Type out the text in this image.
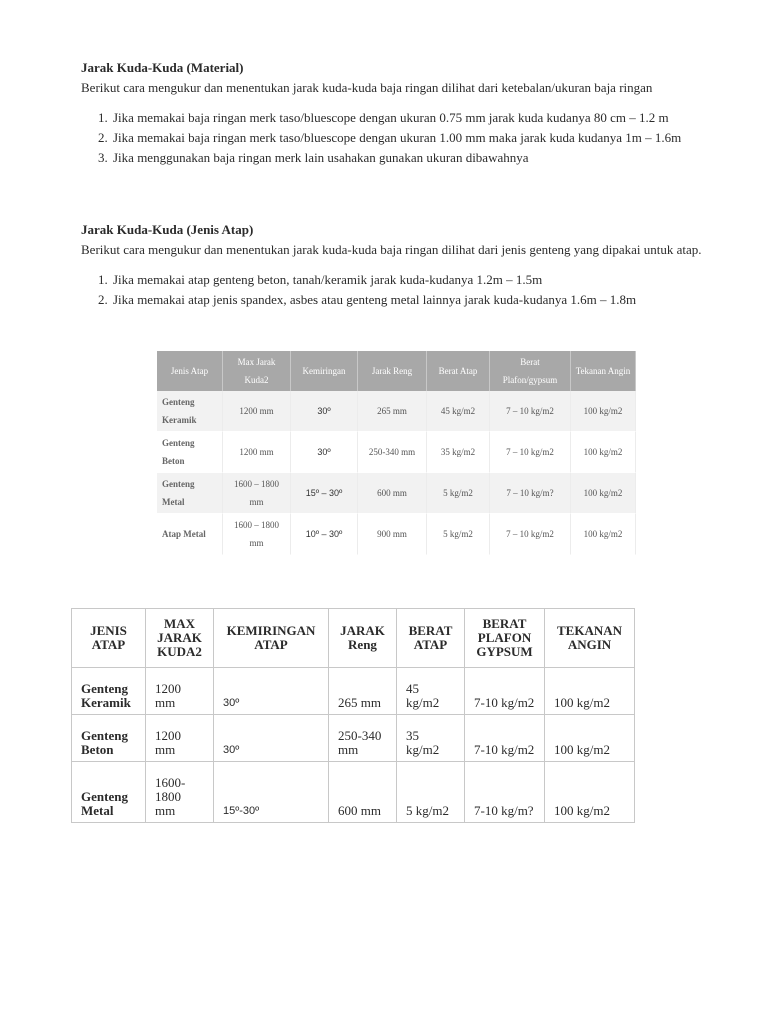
Jarak Kuda-Kuda (Material)

Berikut cara mengukur dan menentukan jarak kuda-kuda baja ringan dilihat dari ketebalan/ukuran baja ringan

1. Jika memakai baja ringan merk taso/bluescope dengan ukuran 0.75 mm jarak kuda kudanya 80 cm – 1.2 m
2. Jika memakai baja ringan merk taso/bluescope dengan ukuran 1.00 mm maka jarak kuda kudanya 1m – 1.6m
3. Jika menggunakan baja ringan merk lain usahakan gunakan ukuran dibawahnya

Jarak Kuda-Kuda (Jenis Atap)

Berikut cara mengukur dan menentukan jarak kuda-kuda baja ringan dilihat dari jenis genteng yang dipakai untuk atap.

1. Jika memakai atap genteng beton, tanah/keramik jarak kuda-kudanya 1.2m – 1.5m
2. Jika memakai atap jenis spandex, asbes atau genteng metal lainnya jarak kuda-kudanya 1.6m – 1.8m
Jenis Atap	Max Jarak Kuda2	Kemiringan	Jarak Reng	Berat Atap	Berat Plafon/gypsum	Tekanan Angin
Genteng Keramik	1200 mm	30º	265 mm	45 kg/m2	7 – 10 kg/m2	100 kg/m2
Genteng Beton	1200 mm	30º	250-340 mm	35 kg/m2	7 – 10 kg/m2	100 kg/m2
Genteng Metal	1600 – 1800 mm	15º – 30º	600 mm	5 kg/m2	7 – 10 kg/m?	100 kg/m2
Atap Metal	1600 – 1800 mm	10º – 30º	900 mm	5 kg/m2	7 – 10 kg/m2	100 kg/m2
JENIS ATAP	MAX JARAK KUDA2	KEMIRINGAN ATAP	JARAK Reng	BERAT ATAP	BERAT PLAFON GYPSUM	TEKANAN ANGIN
Genteng Keramik	1200 mm	30º	265 mm	45 kg/m2	7-10 kg/m2	100 kg/m2
Genteng Beton	1200 mm	30º	250-340 mm	35 kg/m2	7-10 kg/m2	100 kg/m2
Genteng Metal	1600-1800 mm	15º-30º	600 mm	5 kg/m2	7-10 kg/m?	100 kg/m2
